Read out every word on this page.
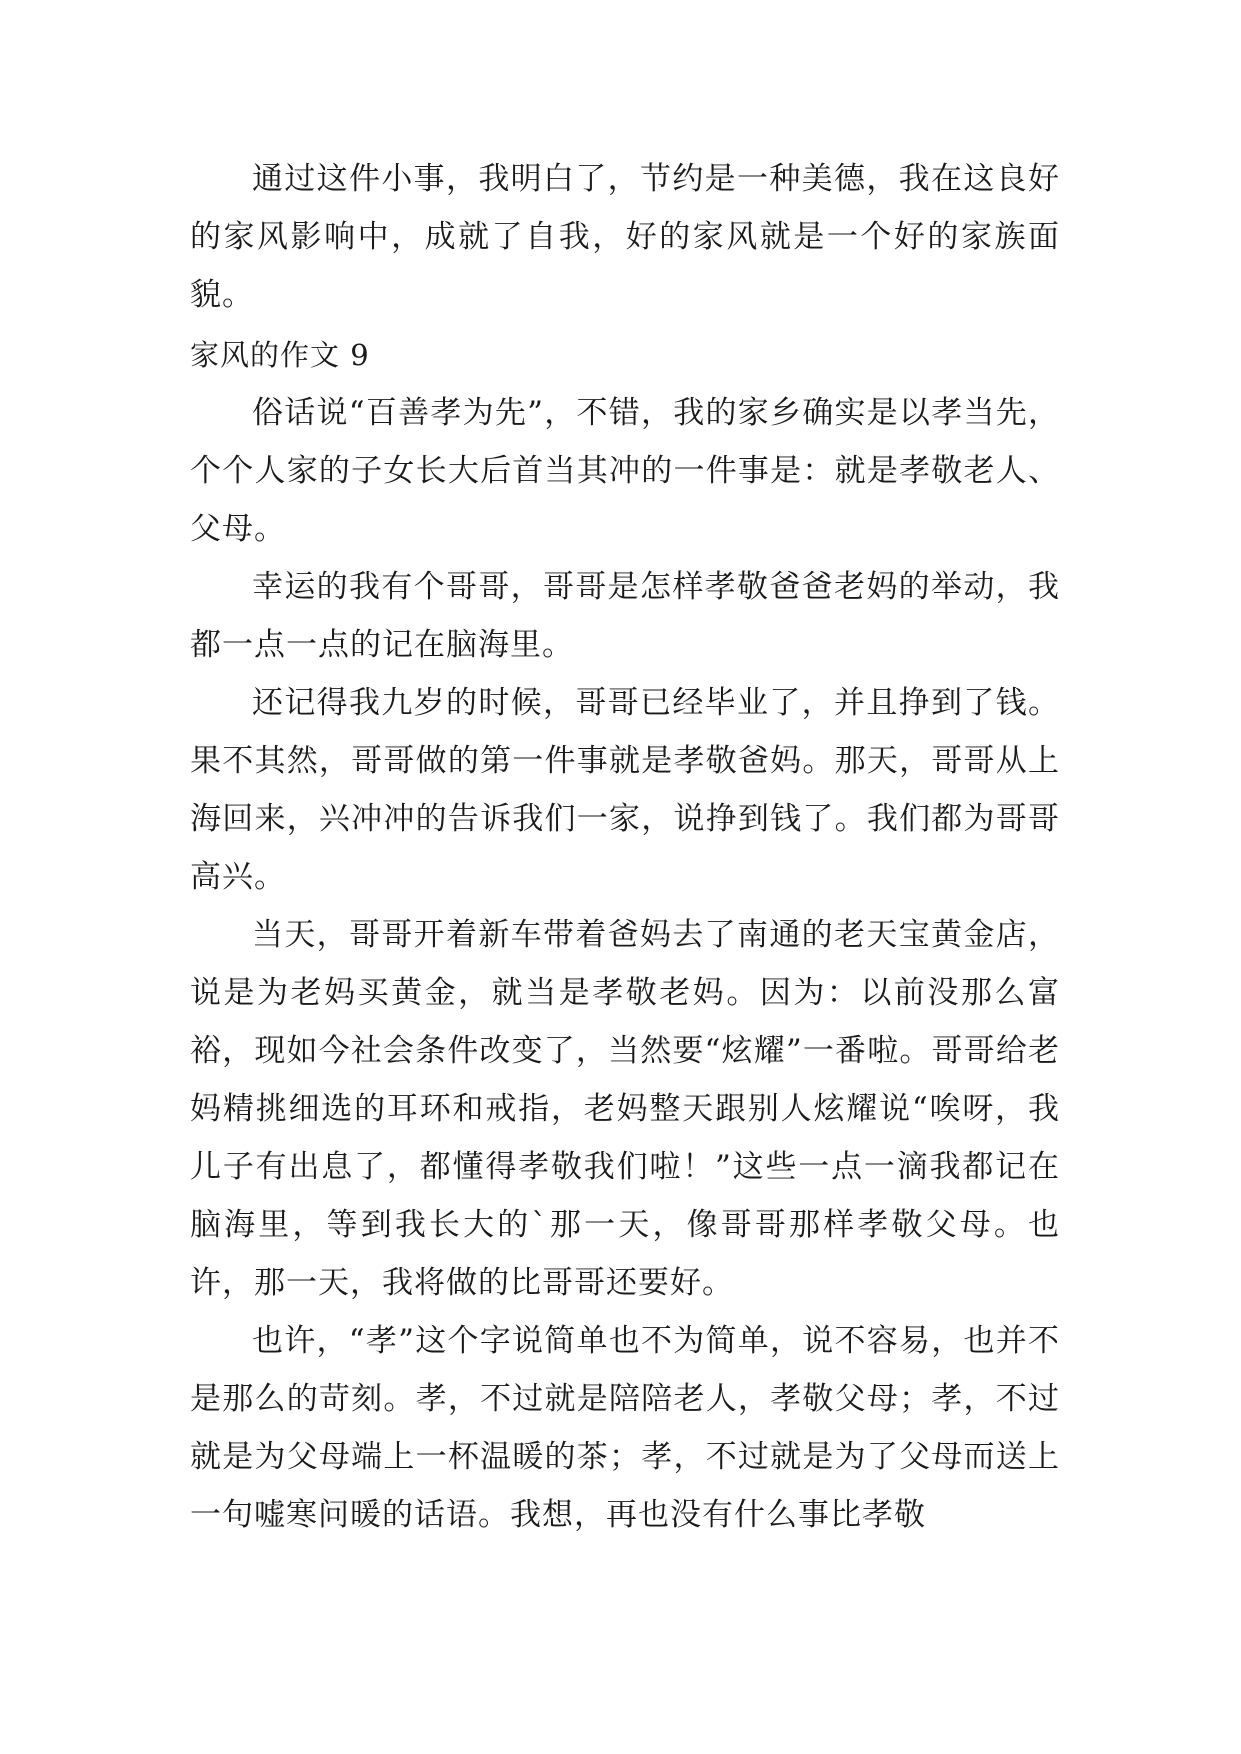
通过这件小事，我明白了，节约是一种美德，我在这良好的家风影响中，成就了自我，好的家风就是一个好的家族面貌。

家风的作文 9

俗话说“百善孝为先”，不错，我的家乡确实是以孝当先，个个人家的子女长大后首当其冲的一件事是：就是孝敬老人、父母。

幸运的我有个哥哥，哥哥是怎样孝敬爸爸老妈的举动，我都一点一点的记在脑海里。

还记得我九岁的时候，哥哥已经毕业了，并且挣到了钱。果不其然，哥哥做的第一件事就是孝敬爸妈。那天，哥哥从上海回来，兴冲冲的告诉我们一家，说挣到钱了。我们都为哥哥高兴。

当天，哥哥开着新车带着爸妈去了南通的老天宝黄金店，说是为老妈买黄金，就当是孝敬老妈。因为：以前没那么富裕，现如今社会条件改变了，当然要“炫耀”一番啦。哥哥给老妈精挑细选的耳环和戒指，老妈整天跟别人炫耀说“唉呀，我儿子有出息了，都懂得孝敬我们啦！”这些一点一滴我都记在脑海里，等到我长大的`那一天，像哥哥那样孝敬父母。也许，那一天，我将做的比哥哥还要好。

也许，“孝”这个字说简单也不为简单，说不容易，也并不是那么的苛刻。孝，不过就是陪陪老人，孝敬父母；孝，不过就是为父母端上一杯温暖的茶；孝，不过就是为了父母而送上一句嘘寒问暖的话语。我想，再也没有什么事比孝敬
